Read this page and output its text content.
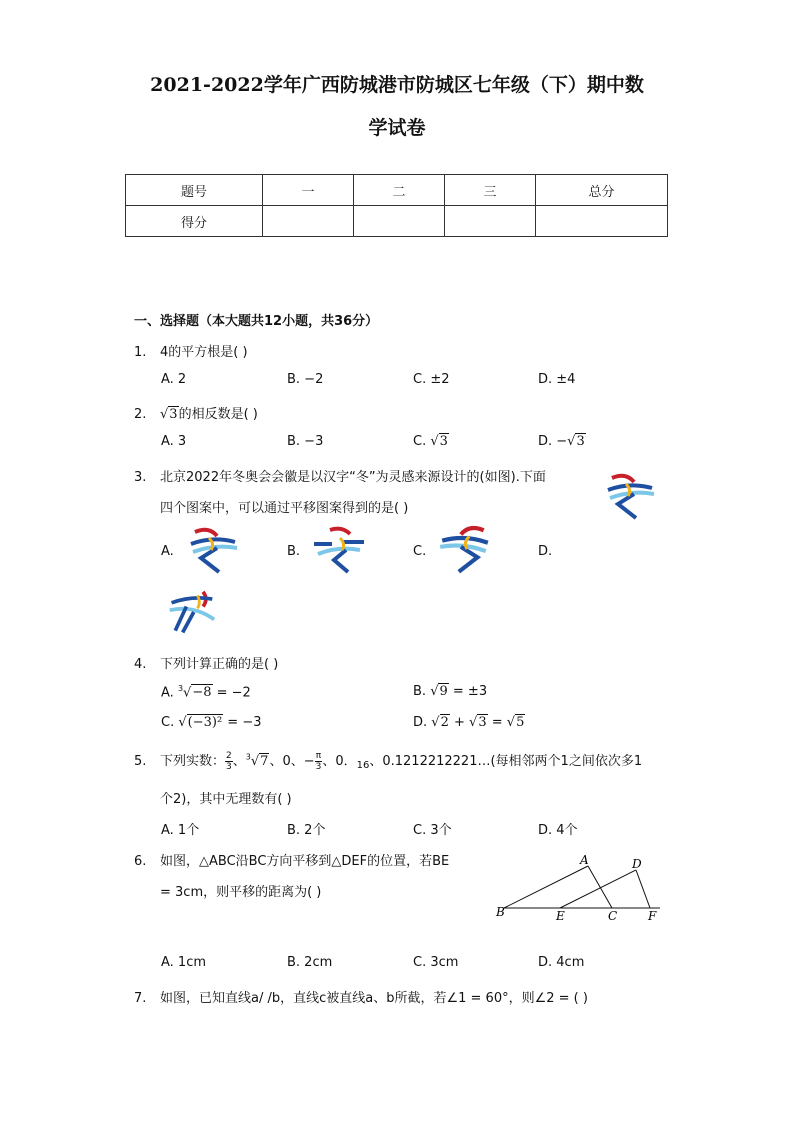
2021-2022学年广西防城港市防城区七年级（下）期中数
学试卷
题号	一	二	三	总分
得分				
一、选择题（本大题共12小题，共36分）
1. 4的平方根是( )
A. 2	B. −2	C. ±2	D. ±4
2. √3的相反数是( )
A. 3	B. −3	C. √3	D. −√3
3. 北京2022年冬奥会会徽是以汉字“冬”为灵感来源设计的(如图).下面
四个图案中，可以通过平移图案得到的是( )
A.	B.	C.	D.
4. 下列计算正确的是( )
A. $^3$√−8 = −2	B. √9 = ±3
C. √(−3)² = −3	D. √2 + √3 = √5
5. 下列实数： $\frac{2}{3}$ 、$^3$√7、0、− $\frac{\pi}{3}$ 、0．$_{16}$、0.1212212221…(每相邻两个1之间依次多1
个2)，其中无理数有( )
A. 1个	B. 2个	C. 3个	D. 4个
6. 如图，△ABC沿BC方向平移到△DEF的位置，若BE
= 3cm，则平移的距离为( )
A
B	C
D
E	F
A. 1cm	B. 2cm	C. 3cm	D. 4cm
7. 如图，已知直线a/ /b，直线c被直线a、b所截，若∠1 = 60°，则∠2 = ( )
